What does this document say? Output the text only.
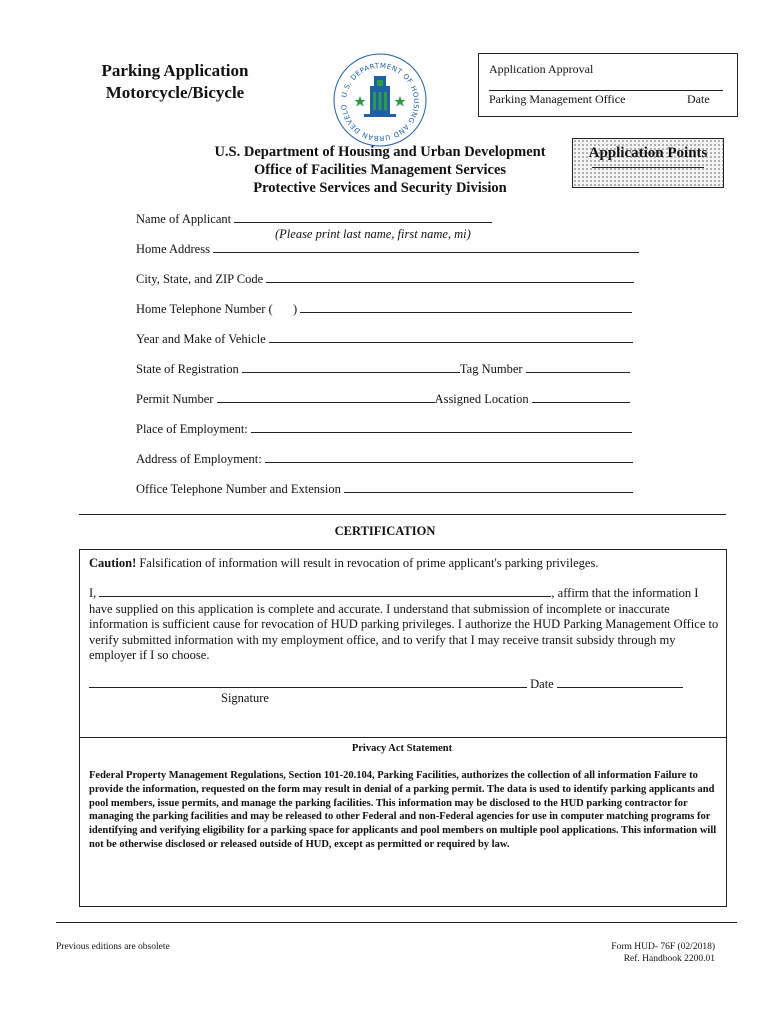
Parking Application
Motorcycle/Bicycle	U.S. DEPARTMENT OF HOUSING AND URBAN DEVELO
Application Approval
Parking Management Office	Date
U.S. Department of Housing and Urban Development
Office of Facilities Management Services
Protective Services and Security Division
Application Points
Name of Applicant
(Please print last name, first name, mi)
Home Address
City, State, and ZIP Code
Home Telephone Number ( )
Year and Make of Vehicle
State of Registration	Tag Number
Permit Number	Assigned Location
Place of Employment:
Address of Employment:
Office Telephone Number and Extension
CERTIFICATION
Caution! Falsification of information will result in revocation of prime applicant's parking privileges.
I,	, affirm that the information I
have supplied on this application is complete and accurate. I understand that submission of incomplete or inaccurate information is sufficient cause for revocation of HUD parking privileges. I authorize the HUD Parking Management Office to verify submitted information with my employment office, and to verify that I may receive transit subsidy through my employer if I so choose.
Date
Signature
Privacy Act Statement
Federal Property Management Regulations, Section 101-20.104, Parking Facilities, authorizes the collection of all information Failure to provide the information, requested on the form may result in denial of a parking permit. The data is used to identify parking applicants and pool members, issue permits, and manage the parking facilities. This information may be disclosed to the HUD parking contractor for managing the parking facilities and may be released to other Federal and non-Federal agencies for use in computer matching programs for identifying and verifying eligibility for a parking space for applicants and pool members on multiple pool applications. This information will not be otherwise disclosed or released outside of HUD, except as permitted or required by law.
Previous editions are obsolete	Form HUD- 76F (02/2018)
Ref. Handbook 2200.01
